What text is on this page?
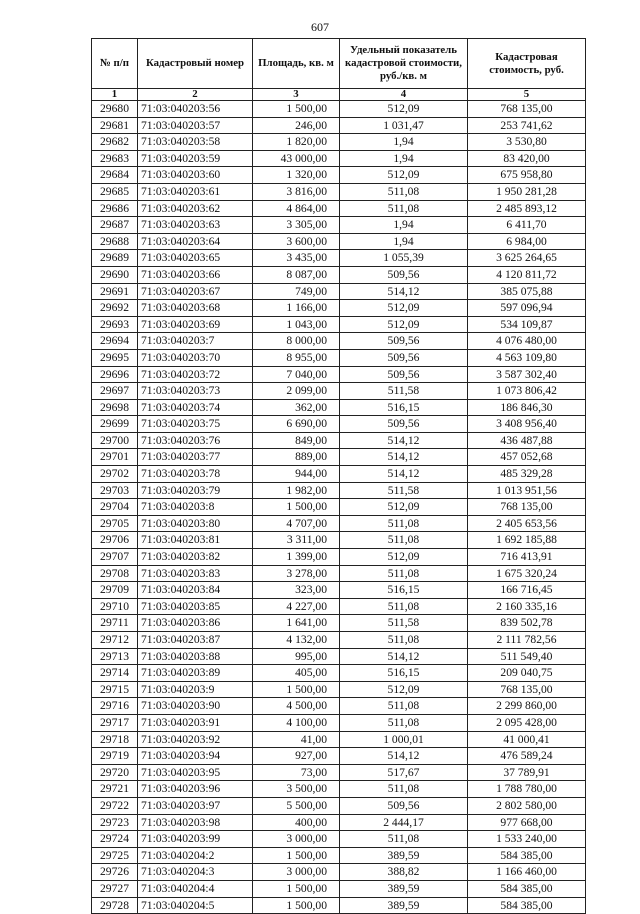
607
№ п/п	Кадастровый номер	Площадь, кв. м	Удельный показатель кадастровой стоимости, руб./кв. м	Кадастровая стоимость, руб.
1	2	3	4	5
29680	71:03:040203:56	1 500,00	512,09	768 135,00
29681	71:03:040203:57	246,00	1 031,47	253 741,62
29682	71:03:040203:58	1 820,00	1,94	3 530,80
29683	71:03:040203:59	43 000,00	1,94	83 420,00
29684	71:03:040203:60	1 320,00	512,09	675 958,80
29685	71:03:040203:61	3 816,00	511,08	1 950 281,28
29686	71:03:040203:62	4 864,00	511,08	2 485 893,12
29687	71:03:040203:63	3 305,00	1,94	6 411,70
29688	71:03:040203:64	3 600,00	1,94	6 984,00
29689	71:03:040203:65	3 435,00	1 055,39	3 625 264,65
29690	71:03:040203:66	8 087,00	509,56	4 120 811,72
29691	71:03:040203:67	749,00	514,12	385 075,88
29692	71:03:040203:68	1 166,00	512,09	597 096,94
29693	71:03:040203:69	1 043,00	512,09	534 109,87
29694	71:03:040203:7	8 000,00	509,56	4 076 480,00
29695	71:03:040203:70	8 955,00	509,56	4 563 109,80
29696	71:03:040203:72	7 040,00	509,56	3 587 302,40
29697	71:03:040203:73	2 099,00	511,58	1 073 806,42
29698	71:03:040203:74	362,00	516,15	186 846,30
29699	71:03:040203:75	6 690,00	509,56	3 408 956,40
29700	71:03:040203:76	849,00	514,12	436 487,88
29701	71:03:040203:77	889,00	514,12	457 052,68
29702	71:03:040203:78	944,00	514,12	485 329,28
29703	71:03:040203:79	1 982,00	511,58	1 013 951,56
29704	71:03:040203:8	1 500,00	512,09	768 135,00
29705	71:03:040203:80	4 707,00	511,08	2 405 653,56
29706	71:03:040203:81	3 311,00	511,08	1 692 185,88
29707	71:03:040203:82	1 399,00	512,09	716 413,91
29708	71:03:040203:83	3 278,00	511,08	1 675 320,24
29709	71:03:040203:84	323,00	516,15	166 716,45
29710	71:03:040203:85	4 227,00	511,08	2 160 335,16
29711	71:03:040203:86	1 641,00	511,58	839 502,78
29712	71:03:040203:87	4 132,00	511,08	2 111 782,56
29713	71:03:040203:88	995,00	514,12	511 549,40
29714	71:03:040203:89	405,00	516,15	209 040,75
29715	71:03:040203:9	1 500,00	512,09	768 135,00
29716	71:03:040203:90	4 500,00	511,08	2 299 860,00
29717	71:03:040203:91	4 100,00	511,08	2 095 428,00
29718	71:03:040203:92	41,00	1 000,01	41 000,41
29719	71:03:040203:94	927,00	514,12	476 589,24
29720	71:03:040203:95	73,00	517,67	37 789,91
29721	71:03:040203:96	3 500,00	511,08	1 788 780,00
29722	71:03:040203:97	5 500,00	509,56	2 802 580,00
29723	71:03:040203:98	400,00	2 444,17	977 668,00
29724	71:03:040203:99	3 000,00	511,08	1 533 240,00
29725	71:03:040204:2	1 500,00	389,59	584 385,00
29726	71:03:040204:3	3 000,00	388,82	1 166 460,00
29727	71:03:040204:4	1 500,00	389,59	584 385,00
29728	71:03:040204:5	1 500,00	389,59	584 385,00
